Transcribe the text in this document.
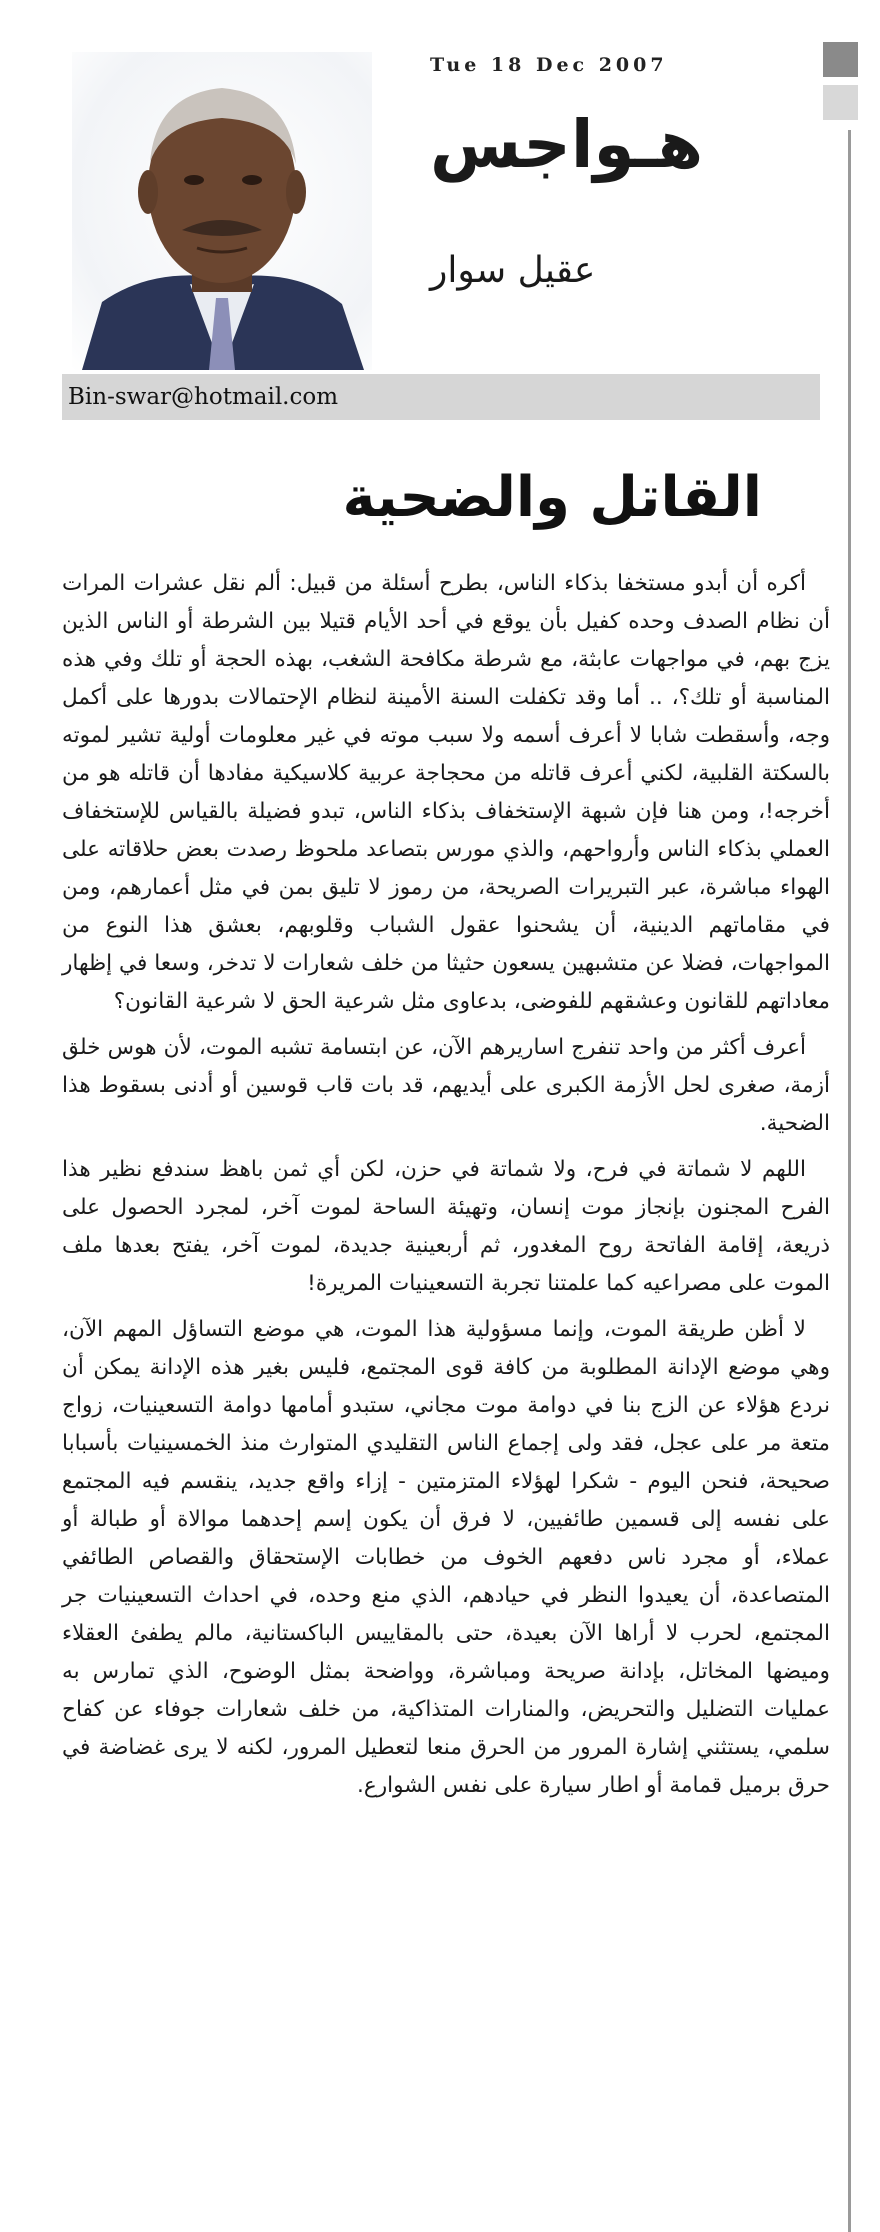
Tue 18 Dec 2007
هـواجس
عقيل سوار
Bin-swar@hotmail.com
القاتل والضحية

أكره أن أبدو مستخفا بذكاء الناس، بطرح أسئلة من قبيل: ألم نقل عشرات المرات أن نظام الصدف وحده كفيل بأن يوقع في أحد الأيام قتيلا بين الشرطة أو الناس الذين يزج بهم، في مواجهات عابثة، مع شرطة مكافحة الشغب، بهذه الحجة أو تلك وفي هذه المناسبة أو تلك؟، .. أما وقد تكفلت السنة الأمينة لنظام الإحتمالات بدورها على أكمل وجه، وأسقطت شابا لا أعرف أسمه ولا سبب موته في غير معلومات أولية تشير لموته بالسكتة القلبية، لكني أعرف قاتله من محجاجة عربية كلاسيكية مفادها أن قاتله هو من أخرجه!، ومن هنا فإن شبهة الإستخفاف بذكاء الناس، تبدو فضيلة بالقياس للإستخفاف العملي بذكاء الناس وأرواحهم، والذي مورس بتصاعد ملحوظ رصدت بعض حلاقاته على الهواء مباشرة، عبر التبريرات الصريحة، من رموز لا تليق بمن في مثل أعمارهم، ومن في مقاماتهم الدينية، أن يشحنوا عقول الشباب وقلوبهم، بعشق هذا النوع من المواجهات، فضلا عن متشبهين يسعون حثيثا من خلف شعارات لا تدخر، وسعا في إظهار معاداتهم للقانون وعشقهم للفوضى، بدعاوى مثل شرعية الحق لا شرعية القانون؟

أعرف أكثر من واحد تنفرج اساريرهم الآن، عن ابتسامة تشبه الموت، لأن هوس خلق أزمة، صغرى لحل الأزمة الكبرى على أيديهم، قد بات قاب قوسين أو أدنى بسقوط هذا الضحية.

اللهم لا شماتة في فرح، ولا شماتة في حزن، لكن أي ثمن باهظ سندفع نظير هذا الفرح المجنون بإنجاز موت إنسان، وتهيئة الساحة لموت آخر، لمجرد الحصول على ذريعة، إقامة الفاتحة روح المغدور، ثم أربعينية جديدة، لموت آخر، يفتح بعدها ملف الموت على مصراعيه كما علمتنا تجربة التسعينيات المريرة!

لا أظن طريقة الموت، وإنما مسؤولية هذا الموت، هي موضع التساؤل المهم الآن، وهي موضع الإدانة المطلوبة من كافة قوى المجتمع، فليس بغير هذه الإدانة يمكن أن نردع هؤلاء عن الزج بنا في دوامة موت مجاني، ستبدو أمامها دوامة التسعينيات، زواج متعة مر على عجل، فقد ولى إجماع الناس التقليدي المتوارث منذ الخمسينيات بأسبابا صحيحة، فنحن اليوم - شكرا لهؤلاء المتزمتين - إزاء واقع جديد، ينقسم فيه المجتمع على نفسه إلى قسمين طائفيين، لا فرق أن يكون إسم إحدهما موالاة أو طبالة أو عملاء، أو مجرد ناس دفعهم الخوف من خطابات الإستحقاق والقصاص الطائفي المتصاعدة، أن يعيدوا النظر في حيادهم، الذي منع وحده، في احداث التسعينيات جر المجتمع، لحرب لا أراها الآن بعيدة، حتى بالمقاييس الباكستانية، مالم يطفئ العقلاء وميضها المخاتل، بإدانة صريحة ومباشرة، وواضحة بمثل الوضوح، الذي تمارس به عمليات التضليل والتحريض، والمنارات المتذاكية، من خلف شعارات جوفاء عن كفاح سلمي، يستثني إشارة المرور من الحرق منعا لتعطيل المرور، لكنه لا يرى غضاضة في حرق برميل قمامة أو اطار سيارة على نفس الشوارع.
